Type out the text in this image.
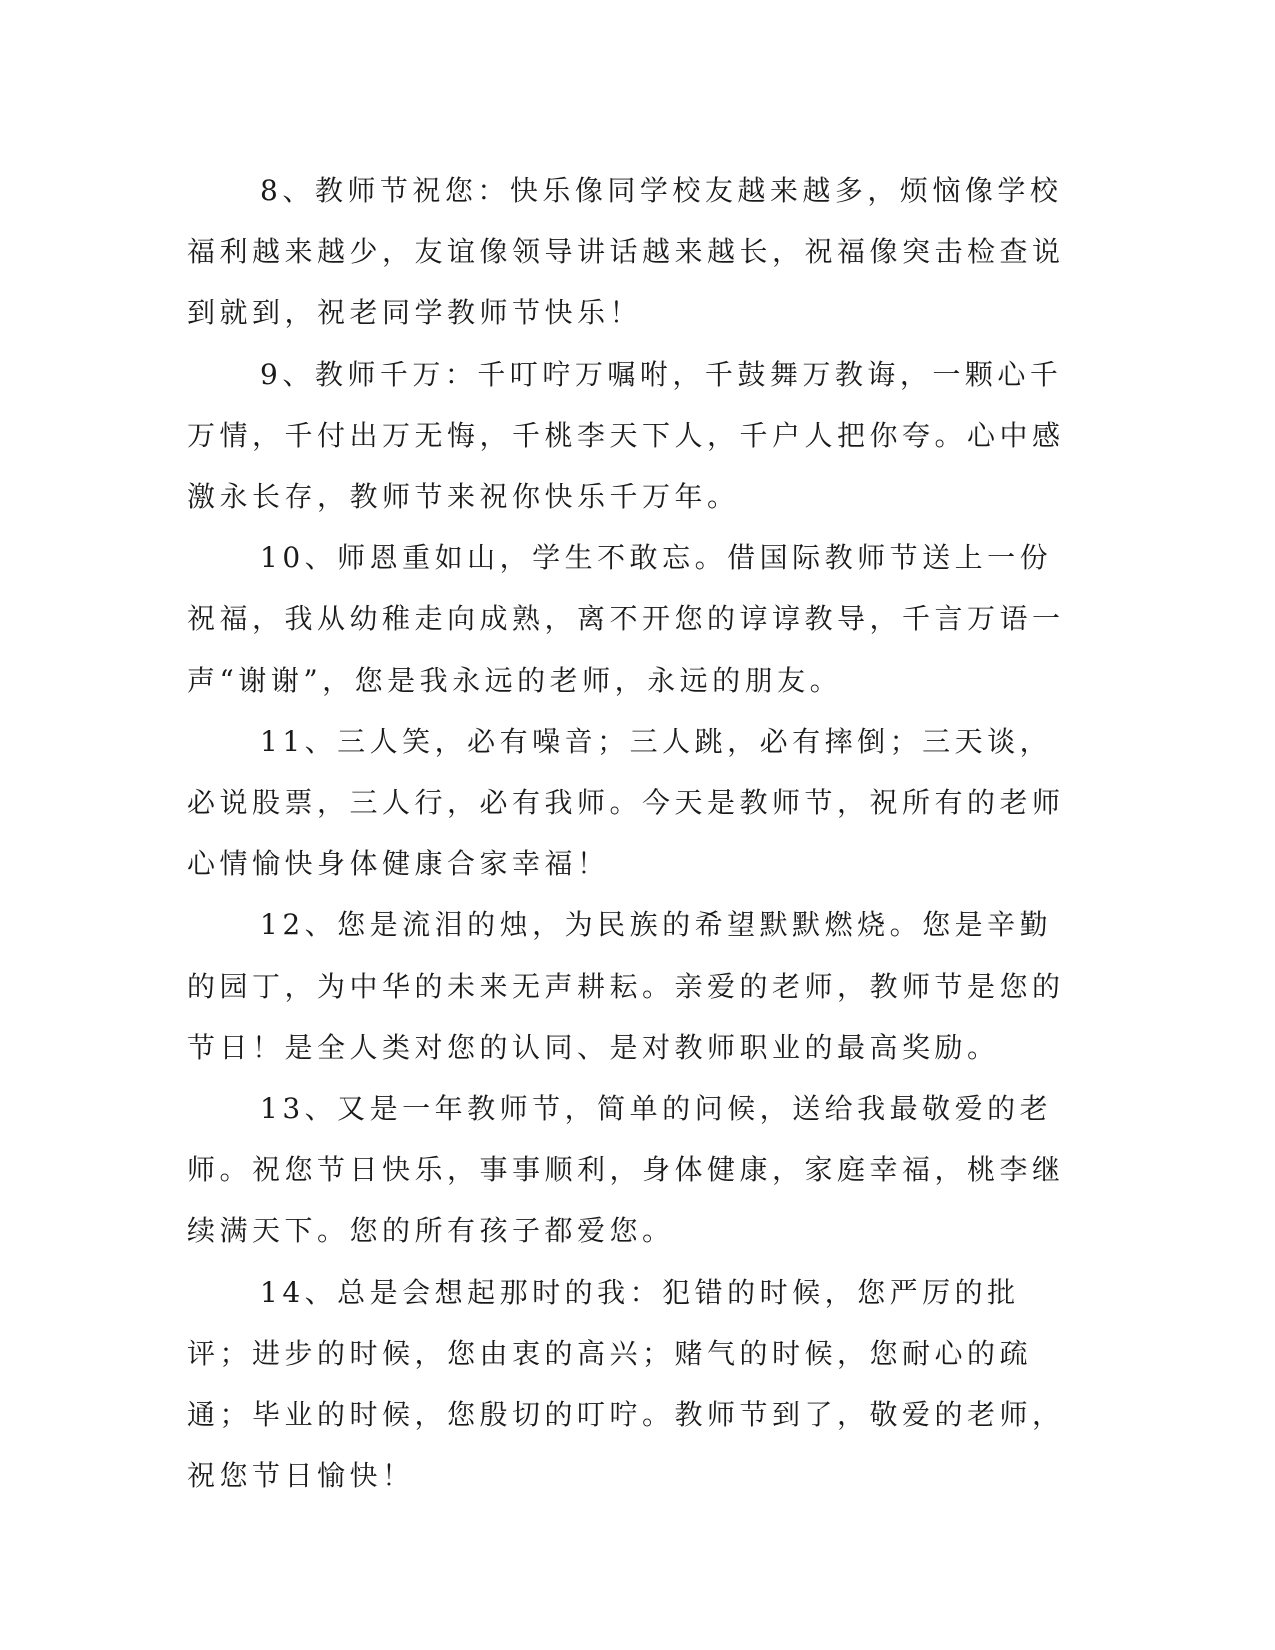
8、教师节祝您：快乐像同学校友越来越多，烦恼像学校福利越来越少，友谊像领导讲话越来越长，祝福像突击检查说到就到，祝老同学教师节快乐！

9、教师千万：千叮咛万嘱咐，千鼓舞万教诲，一颗心千万情，千付出万无悔，千桃李天下人，千户人把你夸。心中感激永长存，教师节来祝你快乐千万年。

10、师恩重如山，学生不敢忘。借国际教师节送上一份祝福，我从幼稚走向成熟，离不开您的谆谆教导，千言万语一声“谢谢”，您是我永远的老师，永远的朋友。

11、三人笑，必有噪音；三人跳，必有摔倒；三天谈，必说股票，三人行，必有我师。今天是教师节，祝所有的老师心情愉快身体健康合家幸福！

12、您是流泪的烛，为民族的希望默默燃烧。您是辛勤的园丁，为中华的未来无声耕耘。亲爱的老师，教师节是您的节日！是全人类对您的认同、是对教师职业的最高奖励。

13、又是一年教师节，简单的问候，送给我最敬爱的老师。祝您节日快乐，事事顺利，身体健康，家庭幸福，桃李继续满天下。您的所有孩子都爱您。

14、总是会想起那时的我：犯错的时候，您严厉的批评；进步的时候，您由衷的高兴；赌气的时候，您耐心的疏通；毕业的时候，您殷切的叮咛。教师节到了，敬爱的老师，祝您节日愉快！
